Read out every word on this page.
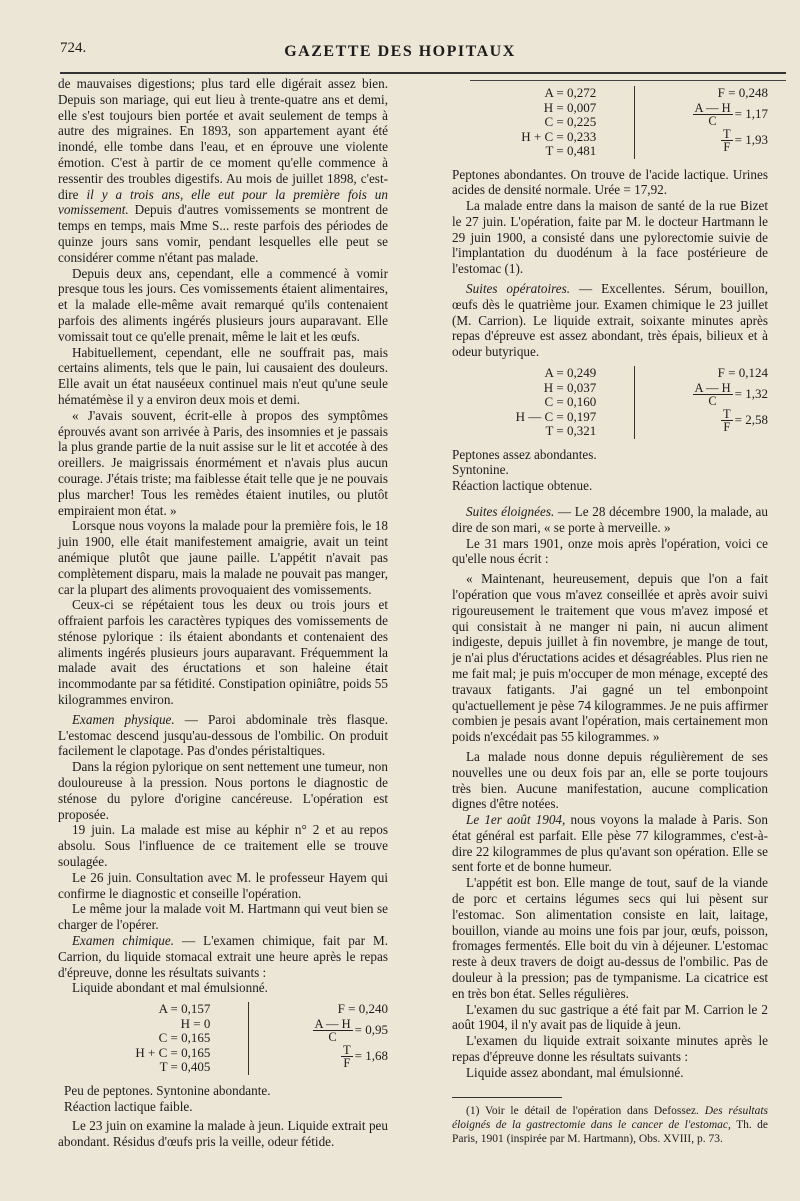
724.	GAZETTE DES HOPITAUX

de mauvaises digestions; plus tard elle digérait assez bien. Depuis son mariage, qui eut lieu à trente-quatre ans et demi, elle s'est toujours bien portée et avait seulement de temps à autre des migraines. En 1893, son appartement ayant été inondé, elle tombe dans l'eau, et en éprouve une violente émotion. C'est à partir de ce moment qu'elle commence à ressentir des troubles digestifs. Au mois de juillet 1898, c'est-dire il y a trois ans, elle eut pour la première fois un vomissement. Depuis d'autres vomissements se montrent de temps en temps, mais Mme S... reste parfois des périodes de quinze jours sans vomir, pendant lesquelles elle peut se considérer comme n'étant pas malade.

Depuis deux ans, cependant, elle a commencé à vomir presque tous les jours. Ces vomissements étaient alimentaires, et la malade elle-même avait remarqué qu'ils contenaient parfois des aliments ingérés plusieurs jours auparavant. Elle vomissait tout ce qu'elle prenait, même le lait et les œufs.

Habituellement, cependant, elle ne souffrait pas, mais certains aliments, tels que le pain, lui causaient des douleurs. Elle avait un état nauséeux continuel mais n'eut qu'une seule hématémèse il y a environ deux mois et demi.

« J'avais souvent, écrit-elle à propos des symptômes éprouvés avant son arrivée à Paris, des insomnies et je passais la plus grande partie de la nuit assise sur le lit et accotée à des oreillers. Je maigrissais énormément et n'avais plus aucun courage. J'étais triste; ma faiblesse était telle que je ne pouvais plus marcher! Tous les remèdes étaient inutiles, ou plutôt empiraient mon état. »

Lorsque nous voyons la malade pour la première fois, le 18 juin 1900, elle était manifestement amaigrie, avait un teint anémique plutôt que jaune paille. L'appétit n'avait pas complètement disparu, mais la malade ne pouvait pas manger, car la plupart des aliments provoquaient des vomissements.

Ceux-ci se répétaient tous les deux ou trois jours et offraient parfois les caractères typiques des vomissements de sténose pylorique : ils étaient abondants et contenaient des aliments ingérés plusieurs jours auparavant. Fréquemment la malade avait des éructations et son haleine était incommodante par sa fétidité. Constipation opiniâtre, poids 55 kilogrammes environ.

Examen physique. — Paroi abdominale très flasque. L'estomac descend jusqu'au-dessous de l'ombilic. On produit facilement le clapotage. Pas d'ondes péristaltiques.

Dans la région pylorique on sent nettement une tumeur, non douloureuse à la pression. Nous portons le diagnostic de sténose du pylore d'origine cancéreuse. L'opération est proposée.

19 juin. La malade est mise au képhir n° 2 et au repos absolu. Sous l'influence de ce traitement elle se trouve soulagée.

Le 26 juin. Consultation avec M. le professeur Hayem qui confirme le diagnostic et conseille l'opération.

Le même jour la malade voit M. Hartmann qui veut bien se charger de l'opérer.

Examen chimique. — L'examen chimique, fait par M. Carrion, du liquide stomacal extrait une heure après le repas d'épreuve, donne les résultats suivants :

Liquide abondant et mal émulsionné.

A = 0,157
H = 0
C = 0,165
H + C = 0,165
T = 0,405
F = 0,240
$\frac{A — H}{C} = 0,95$
$\frac{T}{F} = 1,68$

Peu de peptones. Syntonine abondante.

Réaction lactique faible.

Le 23 juin on examine la malade à jeun. Liquide extrait peu abondant. Résidus d'œufs pris la veille, odeur fétide.

A = 0,272
H = 0,007
C = 0,225
H + C = 0,233
T = 0,481
F = 0,248
$\frac{A — H}{C} = 1,17$
$\frac{T}{F} = 1,93$

Peptones abondantes. On trouve de l'acide lactique. Urines acides de densité normale. Urée = 17,92.

La malade entre dans la maison de santé de la rue Bizet le 27 juin. L'opération, faite par M. le docteur Hartmann le 29 juin 1900, a consisté dans une pylorectomie suivie de l'implantation du duodénum à la face postérieure de l'estomac (1).

Suites opératoires. — Excellentes. Sérum, bouillon, œufs dès le quatrième jour. Examen chimique le 23 juillet (M. Carrion). Le liquide extrait, soixante minutes après repas d'épreuve est assez abondant, très épais, bilieux et à odeur butyrique.

A = 0,249
H = 0,037
C = 0,160
H — C = 0,197
T = 0,321
F = 0,124
$\frac{A — H}{C} = 1,32$
$\frac{T}{F} = 2,58$

Peptones assez abondantes.

Syntonine.

Réaction lactique obtenue.

Suites éloignées. — Le 28 décembre 1900, la malade, au dire de son mari, « se porte à merveille. »

Le 31 mars 1901, onze mois après l'opération, voici ce qu'elle nous écrit :

« Maintenant, heureusement, depuis que l'on a fait l'opération que vous m'avez conseillée et après avoir suivi rigoureusement le traitement que vous m'avez imposé et qui consistait à ne manger ni pain, ni aucun aliment indigeste, depuis juillet à fin novembre, je mange de tout, je n'ai plus d'éructations acides et désagréables. Plus rien ne me fait mal; je puis m'occuper de mon ménage, excepté des travaux fatigants. J'ai gagné un tel embonpoint qu'actuellement je pèse 74 kilogrammes. Je ne puis affirmer combien je pesais avant l'opération, mais certainement mon poids n'excédait pas 55 kilogrammes. »

La malade nous donne depuis régulièrement de ses nouvelles une ou deux fois par an, elle se porte toujours très bien. Aucune manifestation, aucune complication dignes d'être notées.

Le 1er août 1904, nous voyons la malade à Paris. Son état général est parfait. Elle pèse 77 kilogrammes, c'est-à-dire 22 kilogrammes de plus qu'avant son opération. Elle se sent forte et de bonne humeur.

L'appétit est bon. Elle mange de tout, sauf de la viande de porc et certains légumes secs qui lui pèsent sur l'estomac. Son alimentation consiste en lait, laitage, bouillon, viande au moins une fois par jour, œufs, poisson, fromages fermentés. Elle boit du vin à déjeuner. L'estomac reste à deux travers de doigt au-dessus de l'ombilic. Pas de douleur à la pression; pas de tympanisme. La cicatrice est en très bon état. Selles régulières.

L'examen du suc gastrique a été fait par M. Carrion le 2 août 1904, il n'y avait pas de liquide à jeun.

L'examen du liquide extrait soixante minutes après le repas d'épreuve donne les résultats suivants :

Liquide assez abondant, mal émulsionné.

(1) Voir le détail de l'opération dans Defossez. Des résultats éloignés de la gastrectomie dans le cancer de l'estomac, Th. de Paris, 1901 (inspirée par M. Hartmann), Obs. XVIII, p. 73.
